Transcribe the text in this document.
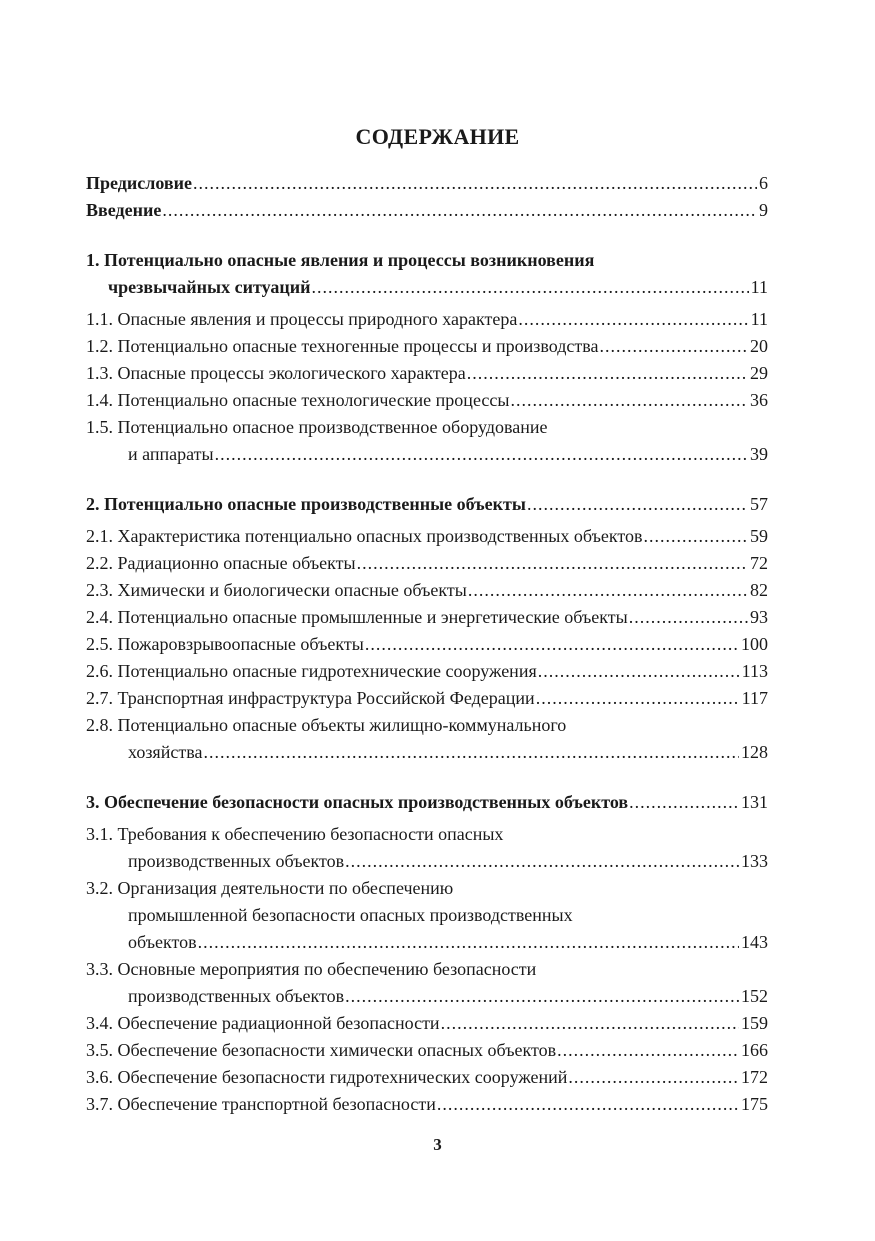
СОДЕРЖАНИЕ
Предисловие .....	6
Введение .....	9
1. Потенциально опасные явления и процессы возникновения
чрезвычайных ситуаций .....	11
1.1. Опасные явления и процессы природного характера .....	11
1.2. Потенциально опасные техногенные процессы и производства .....	20
1.3. Опасные процессы экологического характера .....	29
1.4. Потенциально опасные технологические процессы .....	36
1.5. Потенциально опасное производственное оборудование
и аппараты .....	39
2. Потенциально опасные производственные объекты .....	57
2.1. Характеристика потенциально опасных производственных объектов .....	59
2.2. Радиационно опасные объекты .....	72
2.3. Химически и биологически опасные объекты .....	82
2.4. Потенциально опасные промышленные и энергетические объекты .....	93
2.5. Пожаровзрывоопасные объекты .....	100
2.6. Потенциально опасные гидротехнические сооружения .....	113
2.7. Транспортная инфраструктура Российской Федерации .....	117
2.8. Потенциально опасные объекты жилищно-коммунального
хозяйства .....	128
3. Обеспечение безопасности опасных производственных объектов .....	131
3.1. Требования к обеспечению безопасности опасных
производственных объектов .....	133
3.2. Организация деятельности по обеспечению
промышленной безопасности опасных производственных
объектов .....	143
3.3. Основные мероприятия по обеспечению безопасности
производственных объектов .....	152
3.4. Обеспечение радиационной безопасности .....	159
3.5. Обеспечение безопасности химически опасных объектов .....	166
3.6. Обеспечение безопасности гидротехнических сооружений .....	172
3.7. Обеспечение транспортной безопасности .....	175
3
